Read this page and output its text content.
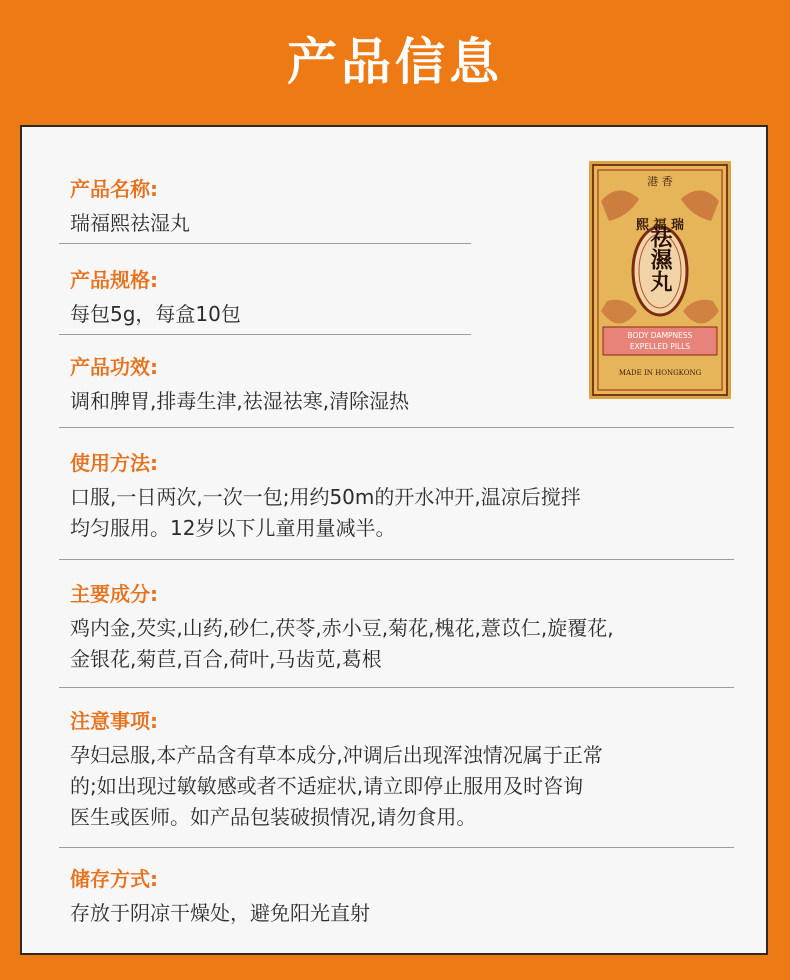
产品信息
港 香
熙 福 瑞
祛濕丸
BODY DAMPNESS
EXPELLED PILLS
MADE IN HONGKONG
产品名称:
瑞福熙祛湿丸
产品规格:
每包5g，每盒10包
产品功效:
调和脾胃,排毒生津,祛湿祛寒,清除湿热
使用方法:
口服,一日两次,一次一包;用约50m的开水冲开,温凉后搅拌
均匀服用。12岁以下儿童用量减半。
主要成分:
鸡内金,芡实,山药,砂仁,茯苓,赤小豆,菊花,槐花,薏苡仁,旋覆花,
金银花,菊苣,百合,荷叶,马齿苋,葛根
注意事项:
孕妇忌服,本产品含有草本成分,冲调后出现浑浊情况属于正常
的;如出现过敏敏感或者不适症状,请立即停止服用及时咨询
医生或医师。如产品包装破损情况,请勿食用。
储存方式:
存放于阴凉干燥处，避免阳光直射
